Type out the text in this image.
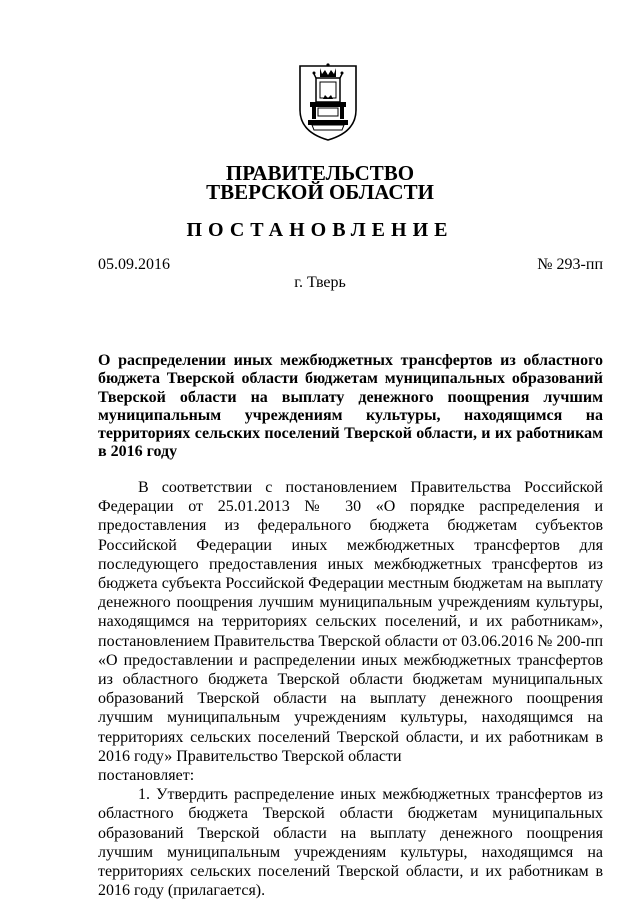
ПРАВИТЕЛЬСТВО
ТВЕРСКОЙ ОБЛАСТИ
ПОСТАНОВЛЕНИЕ
05.09.2016	№ 293-пп
г. Тверь
О распределении иных межбюджетных трансфертов из областного бюджета Тверской области бюджетам муниципальных образований Тверской области на выплату денежного поощрения лучшим муниципальным учреждениям культуры, находящимся на территориях сельских поселений Тверской области, и их работникам в 2016 году

В соответствии с постановлением Правительства Российской Федерации от 25.01.2013 № 30 «О порядке распределения и предоставления из федерального бюджета бюджетам субъектов Российской Федерации иных межбюджетных трансфертов для последующего предоставления иных межбюджетных трансфертов из бюджета субъекта Российской Федерации местным бюджетам на выплату денежного поощрения лучшим муниципальным учреждениям культуры, находящимся на территориях сельских поселений, и их работникам», постановлением Правительства Тверской области от 03.06.2016 № 200-пп «О предоставлении и распределении иных межбюджетных трансфертов из областного бюджета Тверской области бюджетам муниципальных образований Тверской области на выплату денежного поощрения лучшим муниципальным учреждениям культуры, находящимся на территориях сельских поселений Тверской области, и их работникам в 2016 году» Правительство Тверской области

постановляет:

1. Утвердить распределение иных межбюджетных трансфертов из областного бюджета Тверской области бюджетам муниципальных образований Тверской области на выплату денежного поощрения лучшим муниципальным учреждениям культуры, находящимся на территориях сельских поселений Тверской области, и их работникам в 2016 году (прилагается).
